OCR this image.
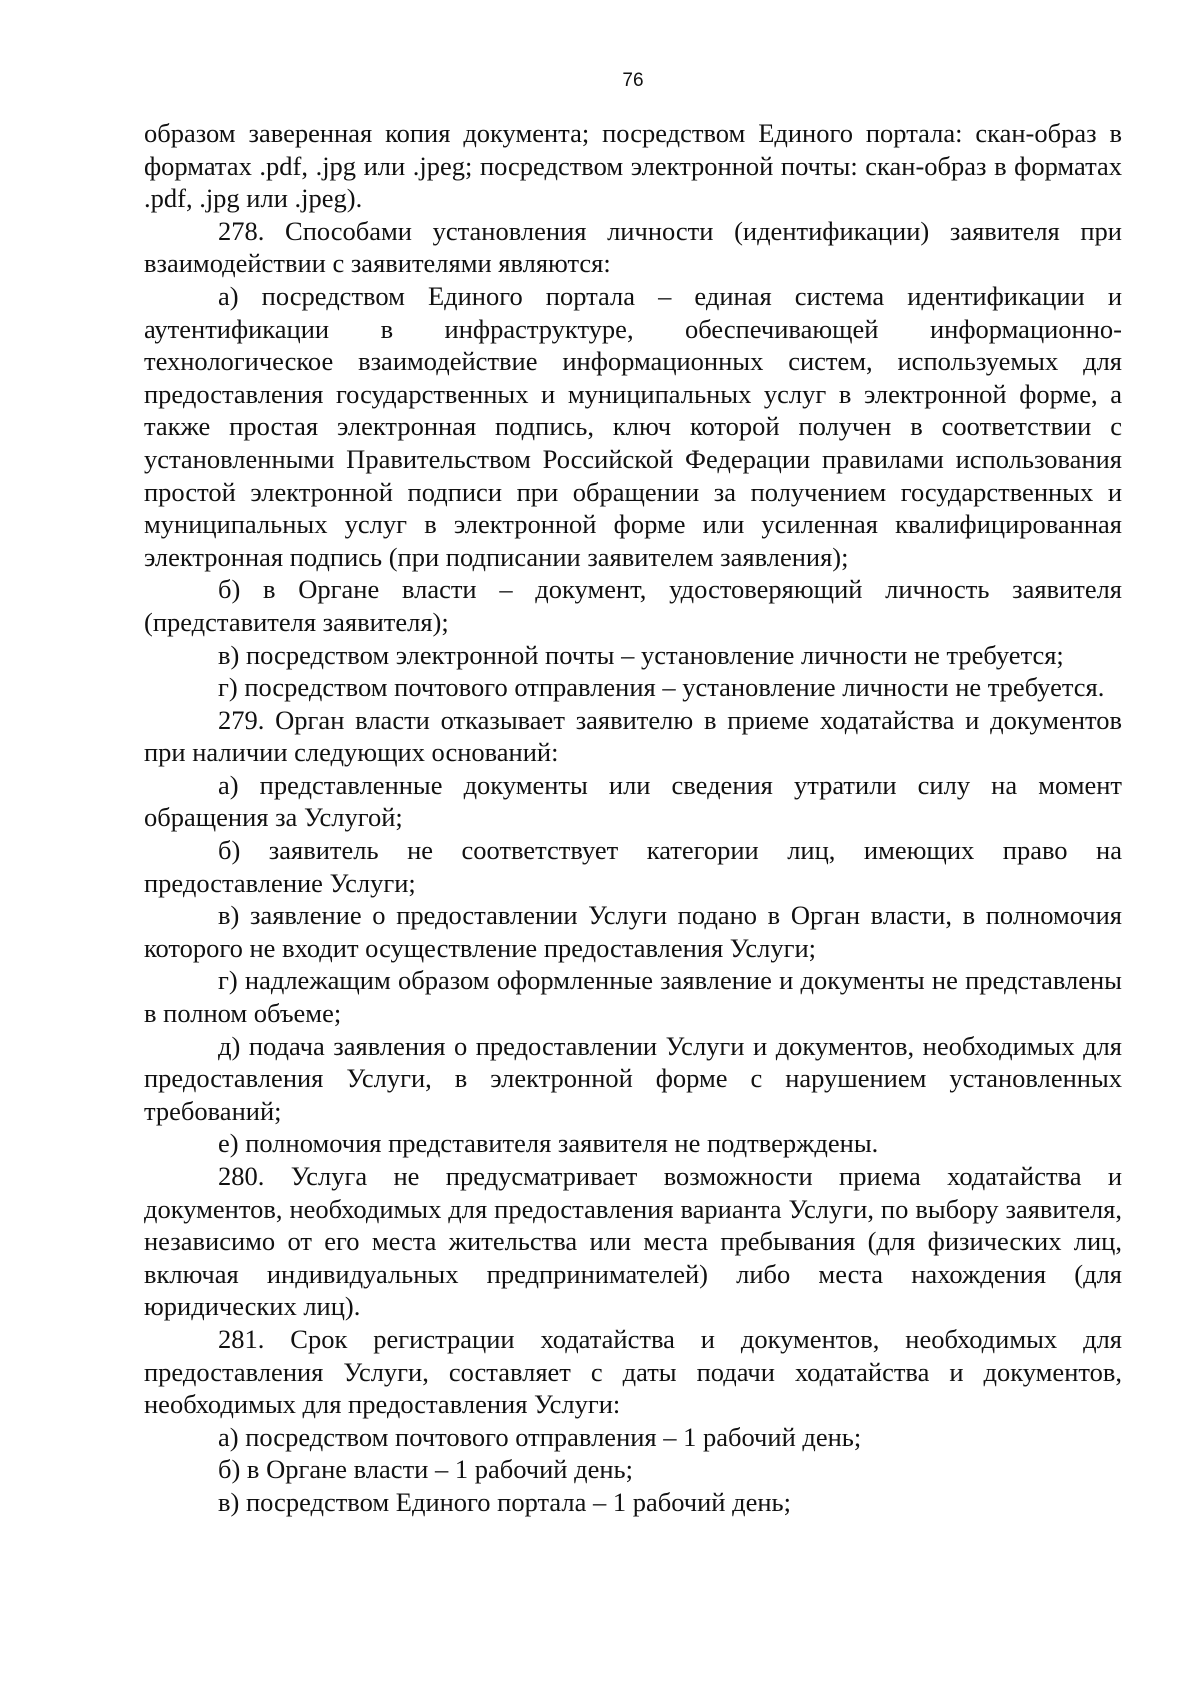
76

образом заверенная копия документа; посредством Единого портала: скан-образ в форматах .pdf, .jpg или .jpeg; посредством электронной почты: скан-образ в форматах .pdf, .jpg или .jpeg).

278. Способами установления личности (идентификации) заявителя при взаимодействии с заявителями являются:

а) посредством Единого портала – единая система идентификации и аутентификации в инфраструктуре, обеспечивающей информационно-технологическое взаимодействие информационных систем, используемых для предоставления государственных и муниципальных услуг в электронной форме, а также простая электронная подпись, ключ которой получен в соответствии с установленными Правительством Российской Федерации правилами использования простой электронной подписи при обращении за получением государственных и муниципальных услуг в электронной форме или усиленная квалифицированная электронная подпись (при подписании заявителем заявления);

б) в Органе власти – документ, удостоверяющий личность заявителя (представителя заявителя);

в) посредством электронной почты – установление личности не требуется;

г) посредством почтового отправления – установление личности не требуется.

279. Орган власти отказывает заявителю в приеме ходатайства и документов при наличии следующих оснований:

а) представленные документы или сведения утратили силу на момент обращения за Услугой;

б) заявитель не соответствует категории лиц, имеющих право на предоставление Услуги;

в) заявление о предоставлении Услуги подано в Орган власти, в полномочия которого не входит осуществление предоставления Услуги;

г) надлежащим образом оформленные заявление и документы не представлены в полном объеме;

д) подача заявления о предоставлении Услуги и документов, необходимых для предоставления Услуги, в электронной форме с нарушением установленных требований;

е) полномочия представителя заявителя не подтверждены.

280. Услуга не предусматривает возможности приема ходатайства и документов, необходимых для предоставления варианта Услуги, по выбору заявителя, независимо от его места жительства или места пребывания (для физических лиц, включая индивидуальных предпринимателей) либо места нахождения (для юридических лиц).

281. Срок регистрации ходатайства и документов, необходимых для предоставления Услуги, составляет с даты подачи ходатайства и документов, необходимых для предоставления Услуги:

а) посредством почтового отправления – 1 рабочий день;

б) в Органе власти – 1 рабочий день;

в) посредством Единого портала – 1 рабочий день;
